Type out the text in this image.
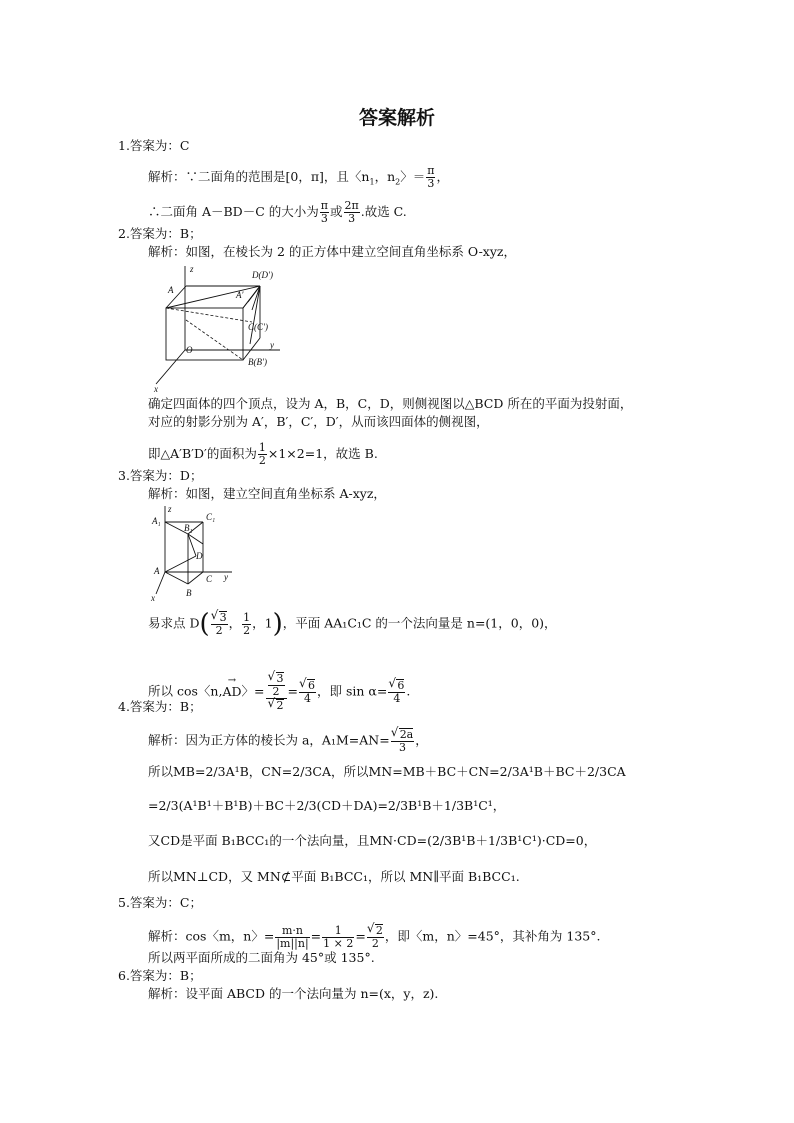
答案解析
1.答案为：C
解析：∵二面角的范围是[0，π]，且〈$n_1$，$n_2$〉＝ $\frac{\pi}{3}$ ，
∴二面角 A－BD－C 的大小为 $\frac{\pi}{3}$ 或 $\frac{2\pi}{3}$ .故选 C.
2.答案为：B；
解析：如图，在棱长为 2 的正方体中建立空间直角坐标系 O-xyz，
z
A
D(D′)
A′
C(C′)
O	y
B(B′)
x
确定四面体的四个顶点，设为 A，B，C，D，则侧视图以△BCD 所在的平面为投射面，
对应的射影分别为 A′，B′，C′，D′，从而该四面体的侧视图，
即△A′B′D′的面积为 $\frac{1}{2} \times 1\times 2=1$，故选 B.
3.答案为：D；
解析：如图，建立空间直角坐标系 A-xyz，
z
A₁	C₁
B₁
D
A
C y
B
x
易求点 D( √ $\frac{3}{2}$ ， $\frac{1}{2}$ ，1)，平面 AA₁C₁C 的一个法向量是 n=(1，0，0)，
所以 cos〈n,→ AD〉= √ $\frac{3}{2}$
√ 2 = √ $\frac{6}{4}$ ，即 sin α= √ $\frac{6}{4}$ .
4.答案为：B；
解析：因为正方体的棱长为 a，A₁M=AN= √ $\frac{2a}{3}$ ，
所以MB=2/3A¹B，CN=2/3CA，所以MN=MB＋BC＋CN=2/3A¹B＋BC＋2/3CA
=2/3(A¹B¹＋B¹B)＋BC＋2/3(CD＋DA)=2/3B¹B＋1/3B¹C¹，
又CD是平面 B₁BCC₁的一个法向量，且MN·CD=(2/3B¹B＋1/3B¹C¹)·CD=0，
所以MN⊥CD，又 MN⊄平面 B₁BCC₁，所以 MN∥平面 B₁BCC₁.
5.答案为：C；
解析：cos〈m，n〉= $\frac{m\cdot n}{|m||n|} = \frac{1}{1 \times 2}$ = √ $\frac{2}{2}$ ，即〈m，n〉=45°，其补角为 135°.
所以两平面所成的二面角为 45°或 135°.
6.答案为：B；
解析：设平面 ABCD 的一个法向量为 n=(x，y，z).
